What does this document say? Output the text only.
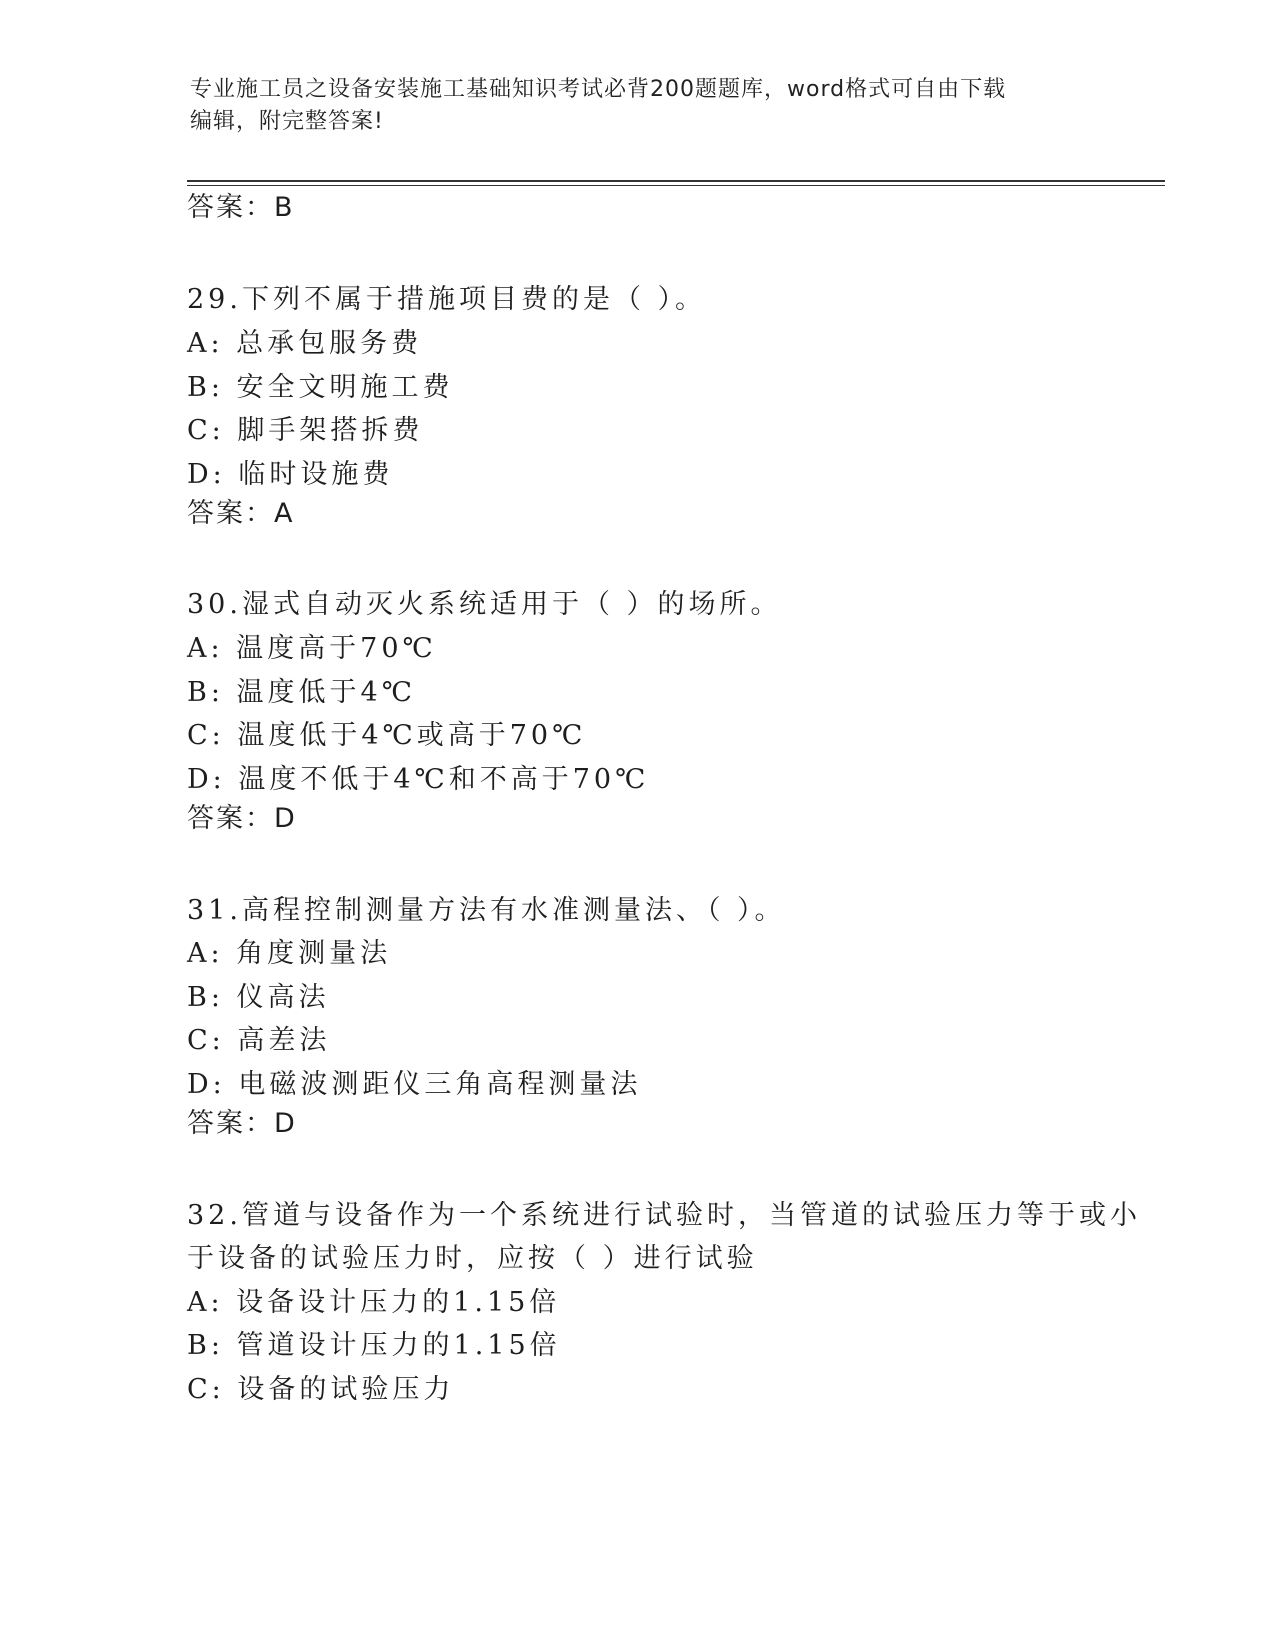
专业施工员之设备安装施工基础知识考试必背200题题库，word格式可自由下载
编辑，附完整答案!
答案：B
29.下列不属于措施项目费的是（ ）。
A: 总承包服务费
B: 安全文明施工费
C: 脚手架搭拆费
D: 临时设施费
答案：A
30.湿式自动灭火系统适用于（ ）的场所。
A: 温度高于70℃
B: 温度低于4℃
C: 温度低于4℃或高于70℃
D: 温度不低于4℃和不高于70℃
答案：D
31.高程控制测量方法有水准测量法、（ ）。
A: 角度测量法
B: 仪高法
C: 高差法
D: 电磁波测距仪三角高程测量法
答案：D
32.管道与设备作为一个系统进行试验时，当管道的试验压力等于或小
于设备的试验压力时，应按（ ）进行试验
A: 设备设计压力的1.15倍
B: 管道设计压力的1.15倍
C: 设备的试验压力
